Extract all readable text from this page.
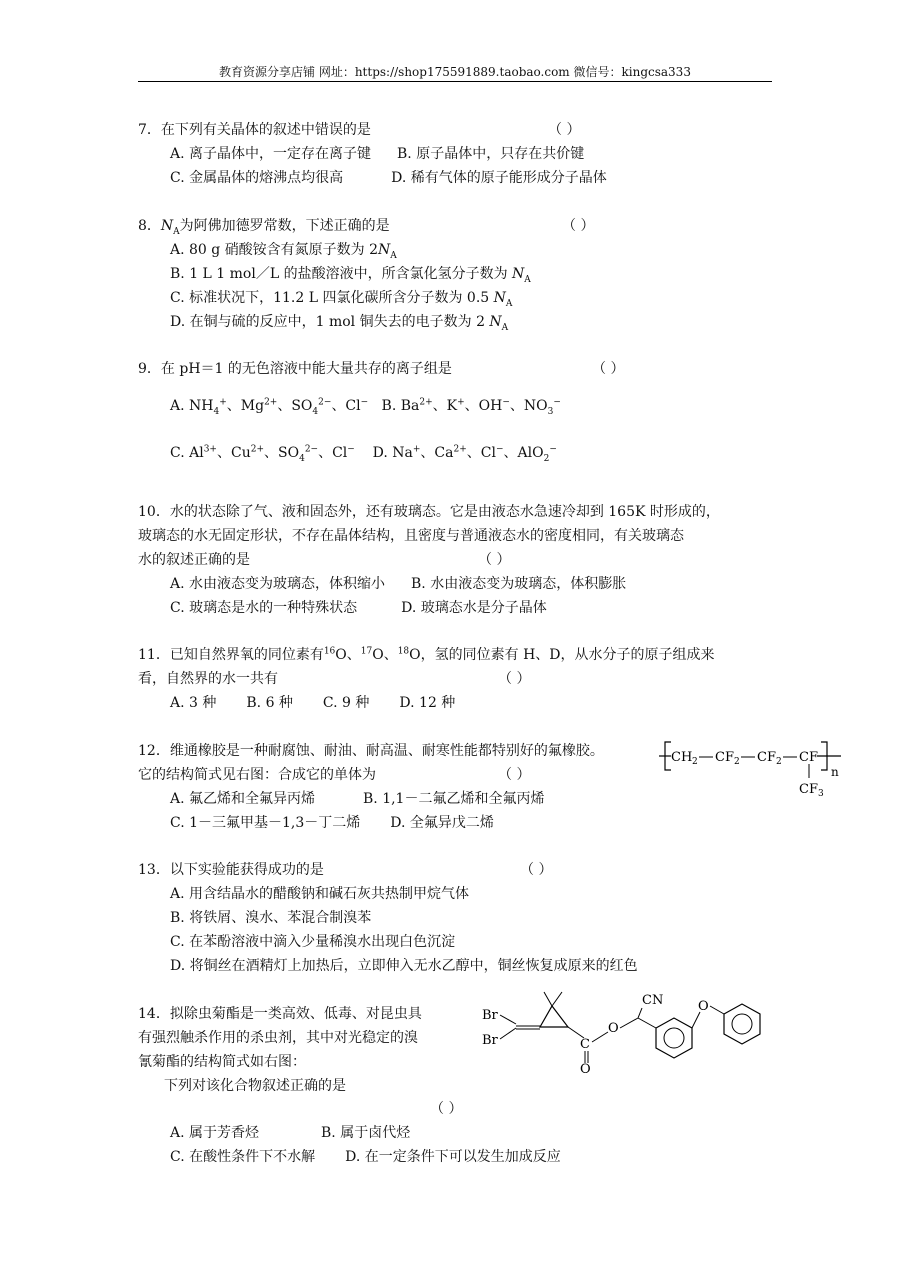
教育资源分享店铺 网址：https://shop175591889.taobao.com 微信号：kingcsa333
7．在下列有关晶体的叙述中错误的是
A. 离子晶体中，一定存在离子键 B. 原子晶体中，只存在共价键
C. 金属晶体的熔沸点均很高	D. 稀有气体的原子能形成分子晶体
（ ）
8．$N_A$为阿佛加德罗常数，下述正确的是
A. 80 g 硝酸铵含有氮原子数为 $2N_A$
B. 1 L 1 mol／L 的盐酸溶液中，所含氯化氢分子数为 $N_A$
C. 标准状况下，11.2 L 四氯化碳所含分子数为 0.5 $N_A$
D. 在铜与硫的反应中，1 mol 铜失去的电子数为 2 $N_A$
（ ）
9．在 pH＝1 的无色溶液中能大量共存的离子组是	（ ）
A. $NH_4^+$、$Mg^{2+}$、$SO_4^{2-}$、Cl−   B. $Ba^{2+}$、K+、OH−、$NO_3^-$
C. $Al^{3+}$、$Cu^{2+}$、$SO_4^{2-}$、Cl−    D. Na+、$Ca^{2+}$、Cl−、AlO$_2$−
10．水的状态除了气、液和固态外，还有玻璃态。它是由液态水急速冷却到 165K 时形成的，
玻璃态的水无固定形状，不存在晶体结构，且密度与普通液态水的密度相同，有关玻璃态
水的叙述正确的是
A. 水由液态变为玻璃态，体积缩小 B. 水由液态变为玻璃态，体积膨胀
C. 玻璃态是水的一种特殊状态	D. 玻璃态水是分子晶体
（ ）
11．已知自然界氧的同位素有$^{16}$O、$^{17}$O、$^{18}$O，氢的同位素有 H、D，从水分子的原子组成来
看，自然界的水一共有
A. 3 种 B. 6 种 C. 9 种 D. 12 种
（ ）
12．维通橡胶是一种耐腐蚀、耐油、耐高温、耐寒性能都特别好的氟橡胶。
它的结构简式见右图：合成它的单体为
A. 氟乙烯和全氟异丙烯	B. 1,1－二氟乙烯和全氟丙烯
C. 1－三氟甲基－1,3－丁二烯 D. 全氟异戊二烯
（ ）
CH 2 CF 2 CF 2 CF
CF 3
n
13．以下实验能获得成功的是
A. 用含结晶水的醋酸钠和碱石灰共热制甲烷气体
B. 将铁屑、溴水、苯混合制溴苯
C. 在苯酚溶液中滴入少量稀溴水出现白色沉淀
D. 将铜丝在酒精灯上加热后，立即伸入无水乙醇中，铜丝恢复成原来的红色
（ ）
14．拟除虫菊酯是一类高效、低毒、对昆虫具
有强烈触杀作用的杀虫剂，其中对光稳定的溴
氰菊酯的结构简式如右图：
下列对该化合物叙述正确的是
（ ）
A. 属于芳香烃	B. 属于卤代烃
C. 在酸性条件下不水解 D. 在一定条件下可以发生加成反应
Br
Br	C
O
O
CN	O
